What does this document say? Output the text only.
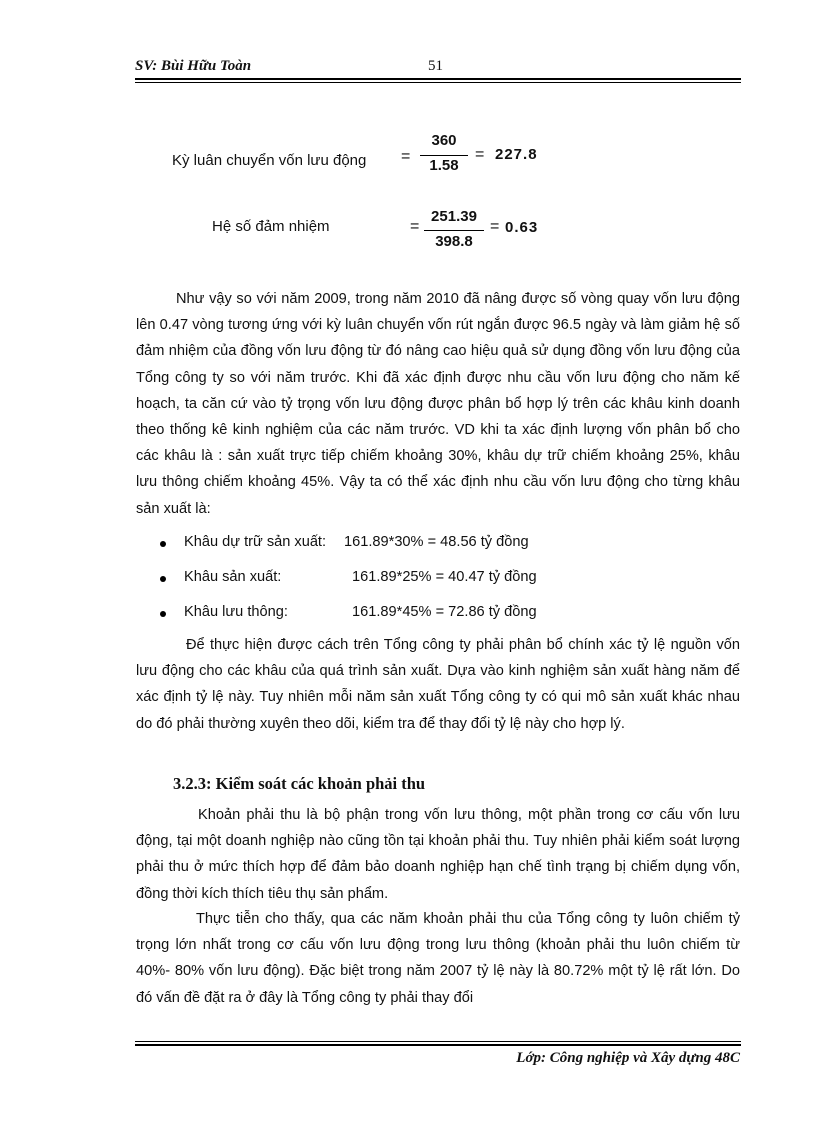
SV: Bùi Hữu Toàn	51
Kỳ luân chuyển vốn lưu động =
360
1.58
= 227.8
Hệ số đảm nhiệm	=
251.39
398.8
= 0.63

Như vậy so với năm 2009, trong năm 2010 đã nâng được số vòng quay vốn lưu động lên 0.47 vòng tương ứng với kỳ luân chuyển vốn rút ngắn được 96.5 ngày và làm giảm hệ số đảm nhiệm của đồng vốn lưu động từ đó nâng cao hiệu quả sử dụng đồng vốn lưu động của Tổng công ty so với năm trước. Khi đã xác định được nhu cầu vốn lưu động cho năm kế hoạch, ta căn cứ vào tỷ trọng vốn lưu động được phân bổ hợp lý trên các khâu kinh doanh theo thống kê kinh nghiệm của các năm trước. VD khi ta xác định lượng vốn phân bổ cho các khâu là : sản xuất trực tiếp chiếm khoảng 30%, khâu dự trữ chiếm khoảng 25%, khâu lưu thông chiếm khoảng 45%. Vậy ta có thể xác định nhu cầu vốn lưu động cho từng khâu sản xuất là:

Khâu dự trữ sản xuất: 161.89*30% = 48.56 tỷ đồng
Khâu sản xuất:	161.89*25% = 40.47 tỷ đồng
Khâu lưu thông:	161.89*45% = 72.86 tỷ đồng

Để thực hiện được cách trên Tổng công ty phải phân bổ chính xác tỷ lệ nguồn vốn lưu động cho các khâu của quá trình sản xuất. Dựa vào kinh nghiệm sản xuất hàng năm để xác định tỷ lệ này. Tuy nhiên mỗi năm sản xuất Tổng công ty có qui mô sản xuất khác nhau do đó phải thường xuyên theo dõi, kiểm tra để thay đổi tỷ lệ này cho hợp lý.

3.2.3: Kiểm soát các khoản phải thu

Khoản phải thu là bộ phận trong vốn lưu thông, một phần trong cơ cấu vốn lưu động, tại một doanh nghiệp nào cũng tồn tại khoản phải thu. Tuy nhiên phải kiểm soát lượng phải thu ở mức thích hợp để đảm bảo doanh nghiệp hạn chế tình trạng bị chiếm dụng vốn, đồng thời kích thích tiêu thụ sản phẩm.

Thực tiễn cho thấy, qua các năm khoản phải thu của Tổng công ty luôn chiếm tỷ trọng lớn nhất trong cơ cấu vốn lưu động trong lưu thông (khoản phải thu luôn chiếm từ 40%- 80% vốn lưu động). Đặc biệt trong năm 2007 tỷ lệ này là 80.72% một tỷ lệ rất lớn. Do đó vấn đề đặt ra ở đây là Tổng công ty phải thay đổi

Lớp: Công nghiệp và Xây dựng 48C
